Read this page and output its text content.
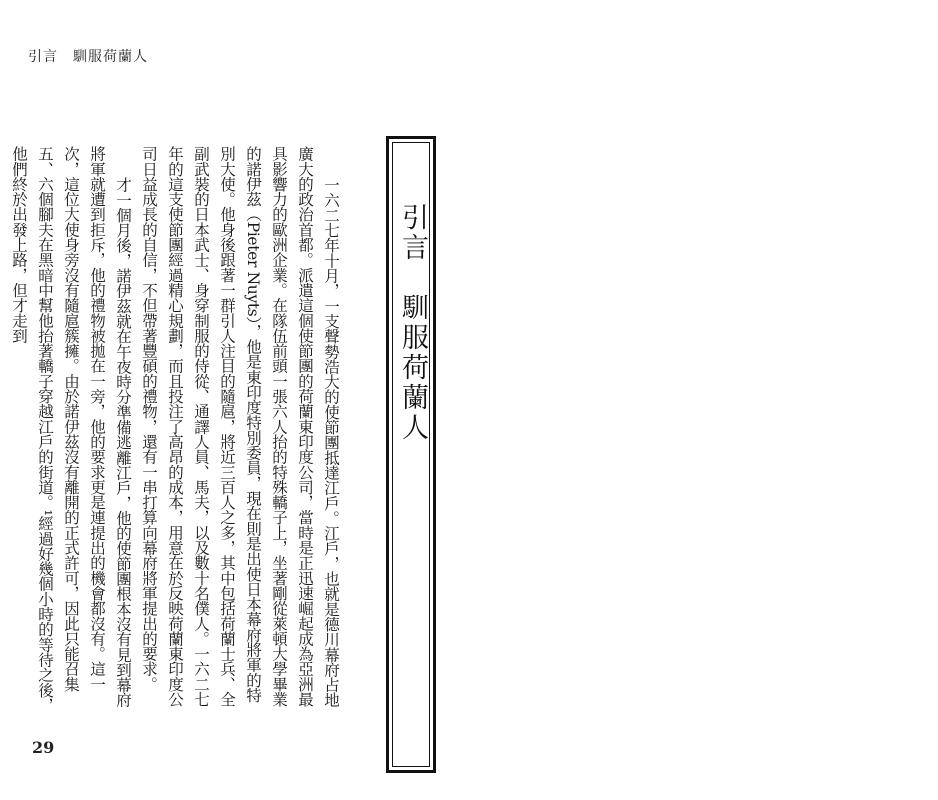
引言　馴服荷蘭人
引言　馴服荷蘭人

一六二七年十月，一支聲勢浩大的使節團抵達江戶。江戶，也就是德川幕府占地廣大的政治首都。派遣這個使節團的荷蘭東印度公司，當時是正迅速崛起成為亞洲最具影響力的歐洲企業。在隊伍前頭一張六人抬的特殊轎子上，坐著剛從萊頓大學畢業的諾伊茲（Pieter Nuyts），他是東印度特別委員，現在則是出使日本幕府將軍的特別大使。他身後跟著一群引人注目的隨扈，將近三百人之多，其中包括荷蘭士兵、全副武裝的日本武士、身穿制服的侍從、通譯人員、馬夫，以及數十名僕人。一六二七年的這支使節團經過精心規劃，而且投注了高昂的成本，用意在於反映荷蘭東印度公司日益成長的自信，不但帶著豐碩的禮物，還有一串打算向幕府將軍提出的要求。

才一個月後，諾伊茲就在午夜時分準備逃離江戶，他的使節團根本沒有見到幕府將軍就遭到拒斥，他的禮物被拋在一旁，他的要求更是連提出的機會都沒有。這一次，這位大使身旁沒有隨扈簇擁。由於諾伊茲沒有離開的正式許可，因此只能召集五、六個腳夫在黑暗中幫他抬著轎子穿越江戶的街道。¹經過好幾個小時的等待之後，他們終於出發上路，但才走到

29
